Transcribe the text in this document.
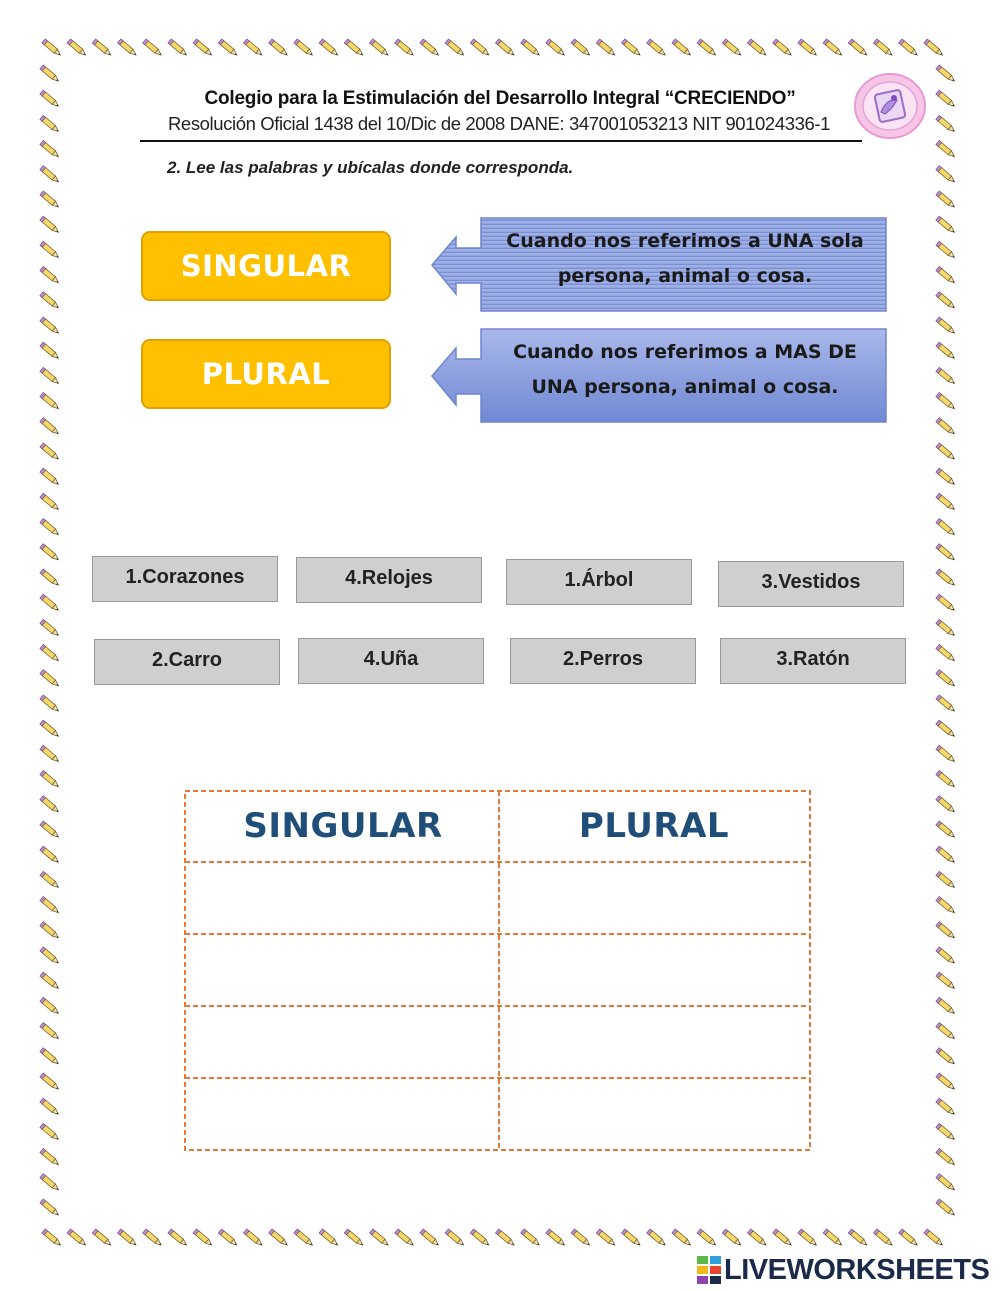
Colegio para la Estimulación del Desarrollo Integral “CRECIENDO”
Resolución Oficial 1438 del 10/Dic de 2008 DANE: 347001053213 NIT 901024336-1
2. Lee las palabras y ubícalas donde corresponda.
SINGULAR
Cuando nos referimos a UNA sola
persona, animal o cosa.
PLURAL
Cuando nos referimos a MAS DE
UNA persona, animal o cosa.
1.Corazones	4.Relojes	1.Árbol	3.Vestidos
2.Carro	4.Uña	2.Perros	3.Ratón
SINGULAR	PLURAL
LIVEWORKSHEETS
